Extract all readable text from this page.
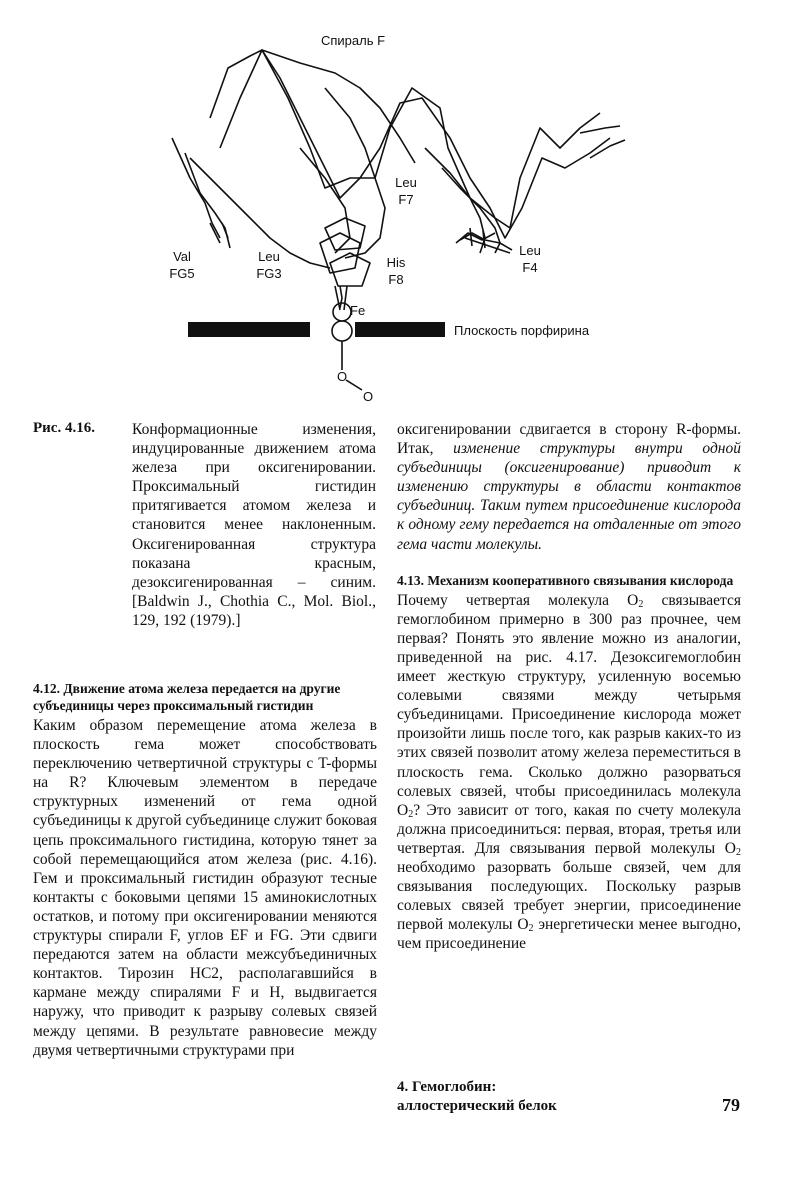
Спираль F
Leu
F7
Val
FG5
Leu
FG3
His
F8
Leu
F4
Fe
Плоскость порфирина
O
O
Рис. 4.16. Конформационные изменения, индуцированные движением атома железа при оксигенировании. Проксимальный гистидин притягивается атомом железа и становится менее наклоненным. Оксигенированная структура показана красным, дезоксигенированная – синим. [Baldwin J., Chothia C., Mol. Biol., 129, 192 (1979).]

4.12. Движение атома железа передается на другие субъединицы через проксимальный гистидин

Каким образом перемещение атома железа в плоскость гема может способствовать переключению четвертичной структуры с T-формы на R? Ключевым элементом в передаче структурных изменений от гема одной субъединицы к другой субъединице служит боковая цепь проксимального гистидина, которую тянет за собой перемещающийся атом железа (рис. 4.16). Гем и проксимальный гистидин образуют тесные контакты с боковыми цепями 15 аминокислотных остатков, и потому при оксигенировании меняются структуры спирали F, углов EF и FG. Эти сдвиги передаются затем на области межсубъединичных контактов. Тирозин HC2, располагавшийся в кармане между спиралями F и H, выдвигается наружу, что приводит к разрыву солевых связей между цепями. В результате равновесие между двумя четвертичными структурами при

оксигенировании сдвигается в сторону R-формы. Итак, изменение структуры внутри одной субъединицы (оксигенирование) приводит к изменению структуры в области контактов субъединиц. Таким путем присоединение кислорода к одному гему передается на отдаленные от этого гема части молекулы.

4.13. Механизм кооперативного связывания кислорода

Почему четвертая молекула $O_2$ связывается гемоглобином примерно в 300 раз прочнее, чем первая? Понять это явление можно из аналогии, приведенной на рис. 4.17. Дезоксигемоглобин имеет жесткую структуру, усиленную восемью солевыми связями между четырьмя субъединицами. Присоединение кислорода может произойти лишь после того, как разрыв каких-то из этих связей позволит атому железа переместиться в плоскость гема. Сколько должно разорваться солевых связей, чтобы присоединилась молекула $O_2$? Это зависит от того, какая по счету молекула должна присоединиться: первая, вторая, третья или четвертая. Для связывания первой молекулы $O_2$ необходимо разорвать больше связей, чем для связывания последующих. Поскольку разрыв солевых связей требует энергии, присоединение первой молекулы $O_2$ энергетически менее выгодно, чем присоединение

4. Гемоглобин:
аллостерический белок	79
